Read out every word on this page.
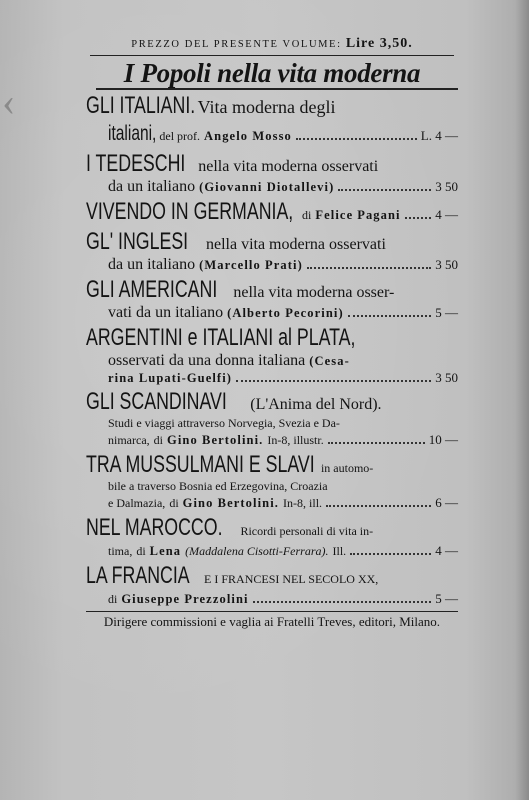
‹
PREZZO DEL PRESENTE VOLUME: Lire 3,50.
I Popoli nella vita moderna
GLI ITALIANI. Vita moderna degli
italiani, del prof.
Angelo Mosso	L. 4 —
I TEDESCHI nella vita moderna osservati
da un italiano
(Giovanni Diotallevi)	3 50
VIVENDO IN GERMANIA, di
Felice
Pagani	4 —
GL' INGLESI nella vita moderna osservati
da un italiano
(Marcello Prati)	3 50
GLI AMERICANI nella vita moderna osser-
vati da un italiano
(Alberto Pecorini)	5 —
ARGENTINI e ITALIANI al PLATA,
osservati da una donna italiana
(Cesa-
rina Lupati-Guelfi)	3 50
GLI SCANDINAVI (L'Anima del Nord).
Studi e viaggi attraverso Norvegia, Svezia e Da-
nimarca,
di
Gino Bertolini.
In-8, illustr.	10 —
TRA MUSSULMANI E SLAVI in automo-
bile a traverso Bosnia ed Erzegovina, Croazia
e Dalmazia,
di
Gino Bertolini.
In-8, ill.	6 —
NEL MAROCCO. Ricordi personali di vita in-
tima,
di
Lena
(Maddalena Cisotti-Ferrara).
Ill.	4 —
LA FRANCIA E I FRANCESI NEL SECOLO XX,
di
Giuseppe Prezzolini	5 —
Dirigere commissioni e vaglia ai Fratelli Treves, editori, Milano.
